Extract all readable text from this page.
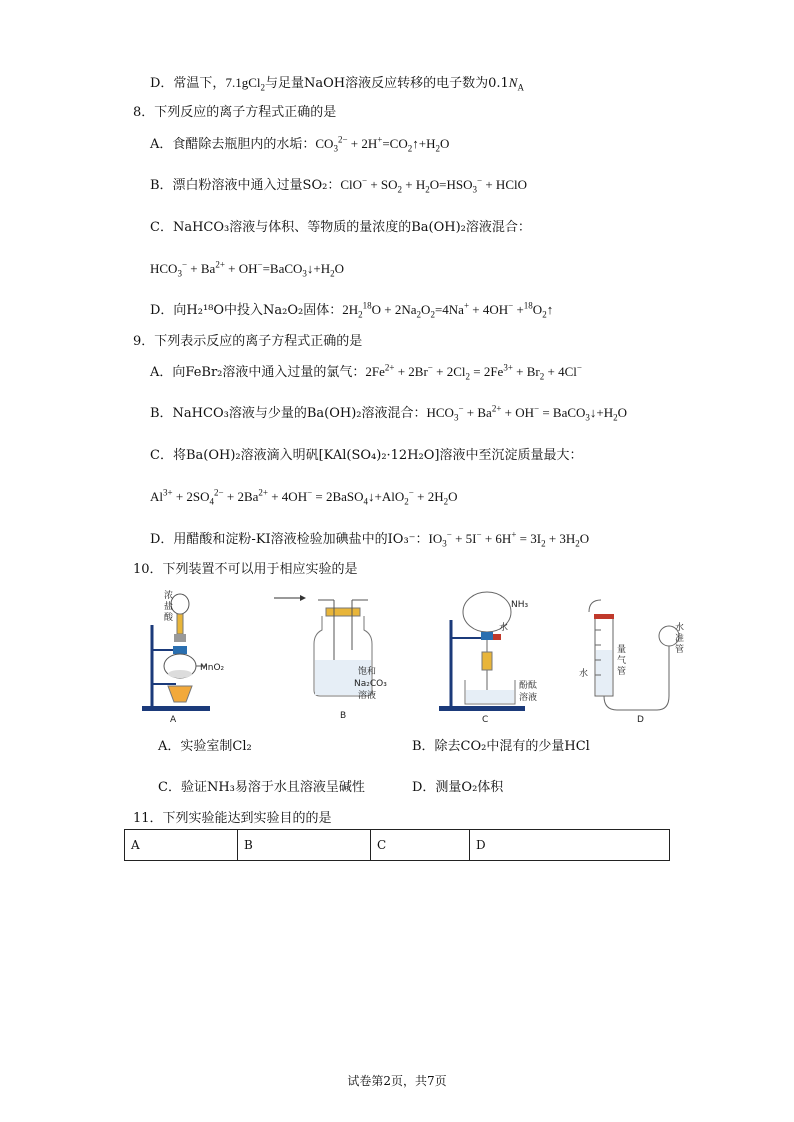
D．常温下，7.1gCl$_2$与足量NaOH溶液反应转移的电子数为$0.1N_A$
8．下列反应的离子方程式正确的是
A．食醋除去瓶胆内的水垢：$CO_3^{2-}$ + $2H^+=CO_2↑+H_2O$
B．漂白粉溶液中通入过量SO₂：$ClO^- + SO_2 + H_2O=HSO_3^-$ + HClO
C．NaHCO₃溶液与体积、等物质的量浓度的Ba(OH)₂溶液混合：
$HCO_3^- + Ba^{2+}$ + $OH^-=BaCO_3↓+H_2O$
D．向H₂¹⁸O中投入Na₂O₂固体：$2H_2^{18}O + 2Na_2O_2=4Na^+ + 4OH^-$ $+^{18}O_2↑$
9．下列表示反应的离子方程式正确的是
A．向FeBr₂溶液中通入过量的氯气：$2Fe^{2+} + 2Br^- + 2Cl_2 = 2Fe^{3+} + Br_2 + 4Cl^-$
B．NaHCO₃溶液与少量的Ba(OH)₂溶液混合：$HCO_3^- + Ba^{2+} + OH^-$ = $BaCO_3↓+H_2O$
C．将Ba(OH)₂溶液滴入明矾[KAl(SO₄)₂·12H₂O]溶液中至沉淀质量最大：
$Al^{3+} + 2SO_4^{2-} + 2Ba^{2+} + 4OH^-$ = 2BaSO$_4$↓+AlO$_2$− + $2H_2O$
D．用醋酸和淀粉-KI溶液检验加碘盐中的IO₃⁻：$IO_3^- + 5I^- + 6H^+ = 3I_2 + 3H_2O$
10．下列装置不可以用于相应实验的是
浓
盐
酸
MnO₂
A
饱和
Na₂CO₃
溶液
B
NH₃
水
酚酞
溶液
C
水
量
气
管
水
准
管
D
A．实验室制Cl₂	B．除去CO₂中混有的少量HCl
C．验证NH₃易溶于水且溶液呈碱性	D．测量O₂体积
11．下列实验能达到实验目的的是
A	B	C	D
试卷第2页，共7页
